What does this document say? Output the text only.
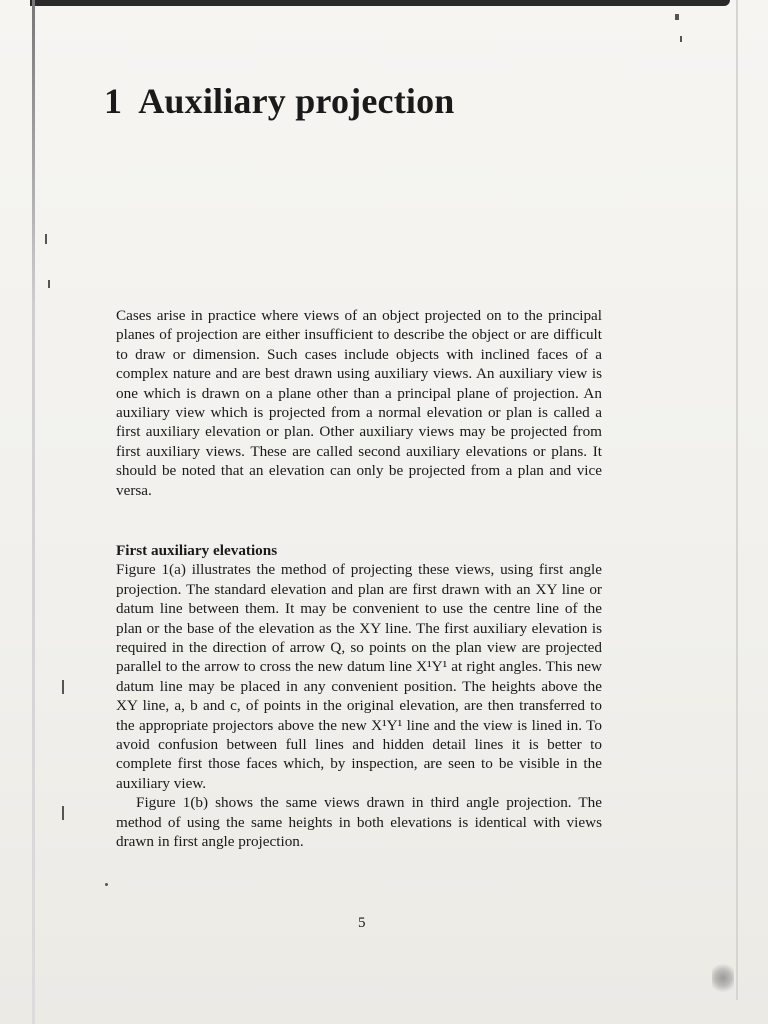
1 Auxiliary projection
Cases arise in practice where views of an object projected on to the principal planes of projection are either insufficient to describe the object or are difficult to draw or dimension. Such cases include objects with inclined faces of a complex nature and are best drawn using auxiliary views. An auxiliary view is one which is drawn on a plane other than a principal plane of projection. An auxiliary view which is projected from a normal elevation or plan is called a first auxiliary elevation or plan. Other auxiliary views may be projected from first auxiliary views. These are called second auxiliary elevations or plans. It should be noted that an elevation can only be projected from a plan and vice versa.
First auxiliary elevations

Figure 1(a) illustrates the method of projecting these views, using first angle projection. The standard elevation and plan are first drawn with an XY line or datum line between them. It may be convenient to use the centre line of the plan or the base of the elevation as the XY line. The first auxiliary elevation is required in the direction of arrow Q, so points on the plan view are projected parallel to the arrow to cross the new datum line X¹Y¹ at right angles. This new datum line may be placed in any convenient position. The heights above the XY line, a, b and c, of points in the original elevation, are then transferred to the appropriate projectors above the new X¹Y¹ line and the view is lined in. To avoid confusion between full lines and hidden detail lines it is better to complete first those faces which, by inspection, are seen to be visible in the auxiliary view.

Figure 1(b) shows the same views drawn in third angle projection. The method of using the same heights in both elevations is identical with views drawn in first angle projection.

5
